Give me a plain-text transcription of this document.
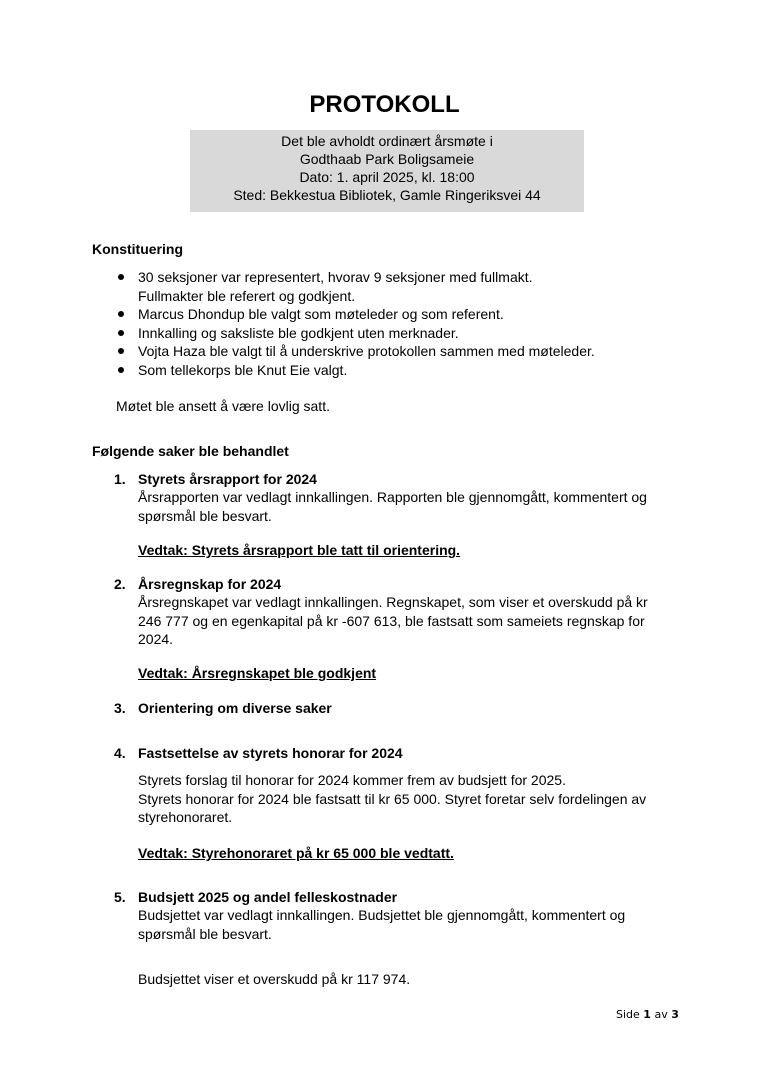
PROTOKOLL
Det ble avholdt ordinært årsmøte i
Godthaab Park Boligsameie
Dato: 1. april 2025, kl. 18:00
Sted: Bekkestua Bibliotek, Gamle Ringeriksvei 44
Konstituering
30 seksjoner var representert, hvorav 9 seksjoner med fullmakt.
Fullmakter ble referert og godkjent.
Marcus Dhondup ble valgt som møteleder og som referent.
Innkalling og saksliste ble godkjent uten merknader.
Vojta Haza ble valgt til å underskrive protokollen sammen med møteleder.
Som tellekorps ble Knut Eie valgt.
Møtet ble ansett å være lovlig satt.
Følgende saker ble behandlet
1. Styrets årsrapport for 2024
Årsrapporten var vedlagt innkallingen. Rapporten ble gjennomgått, kommentert og
spørsmål ble besvart.
Vedtak: Styrets årsrapport ble tatt til orientering.
2. Årsregnskap for 2024
Årsregnskapet var vedlagt innkallingen. Regnskapet, som viser et overskudd på kr
246 777 og en egenkapital på kr -607 613, ble fastsatt som sameiets regnskap for
2024.
Vedtak: Årsregnskapet ble godkjent
3. Orientering om diverse saker
4. Fastsettelse av styrets honorar for 2024
Styrets forslag til honorar for 2024 kommer frem av budsjett for 2025.
Styrets honorar for 2024 ble fastsatt til kr 65 000. Styret foretar selv fordelingen av
styrehonoraret.
Vedtak: Styrehonoraret på kr 65 000 ble vedtatt.
5. Budsjett 2025 og andel felleskostnader
Budsjettet var vedlagt innkallingen. Budsjettet ble gjennomgått, kommentert og
spørsmål ble besvart.
Budsjettet viser et overskudd på kr 117 974.
Side 1 av 3
